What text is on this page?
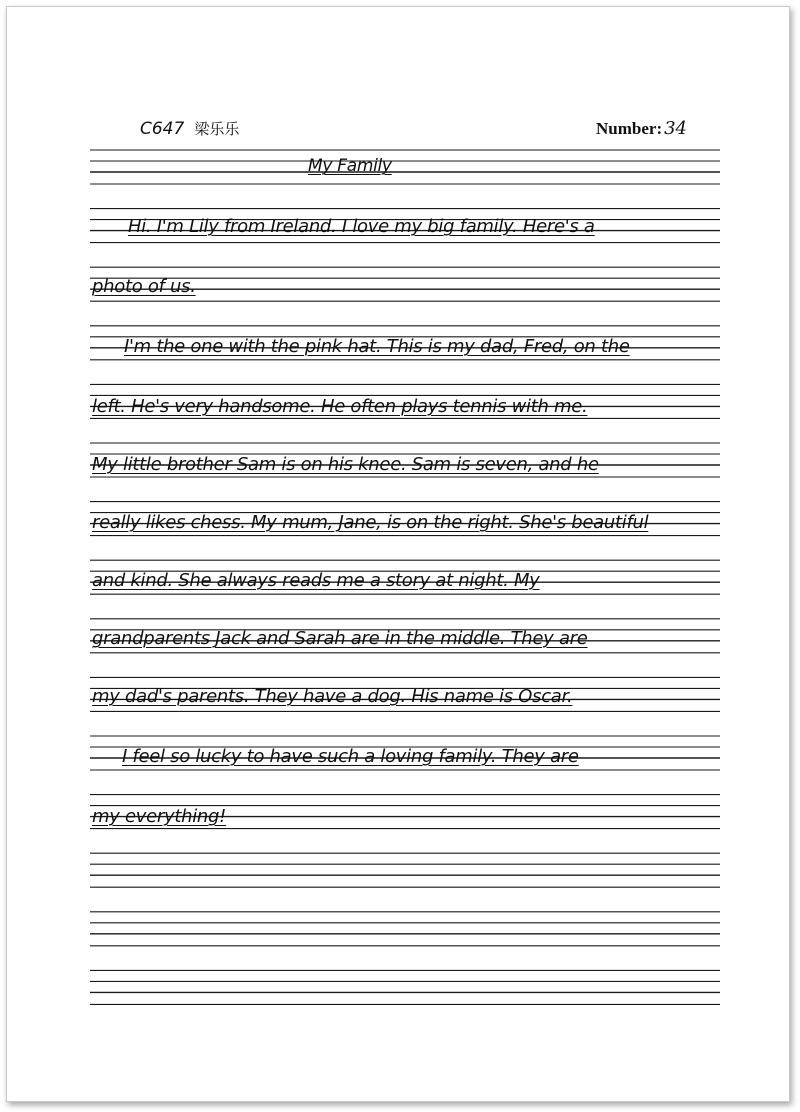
C647 梁乐乐	Number: 34
My Family
Hi. I'm Lily from Ireland. I love my big family. Here's a
photo of us.
I'm the one with the pink hat. This is my dad, Fred, on the
left. He's very handsome. He often plays tennis with me.
My little brother Sam is on his knee. Sam is seven, and he
really likes chess. My mum, Jane, is on the right. She's beautiful
and kind. She always reads me a story at night. My
grandparents Jack and Sarah are in the middle. They are
my dad's parents. They have a dog. His name is Oscar.
I feel so lucky to have such a loving family. They are
my everything!
